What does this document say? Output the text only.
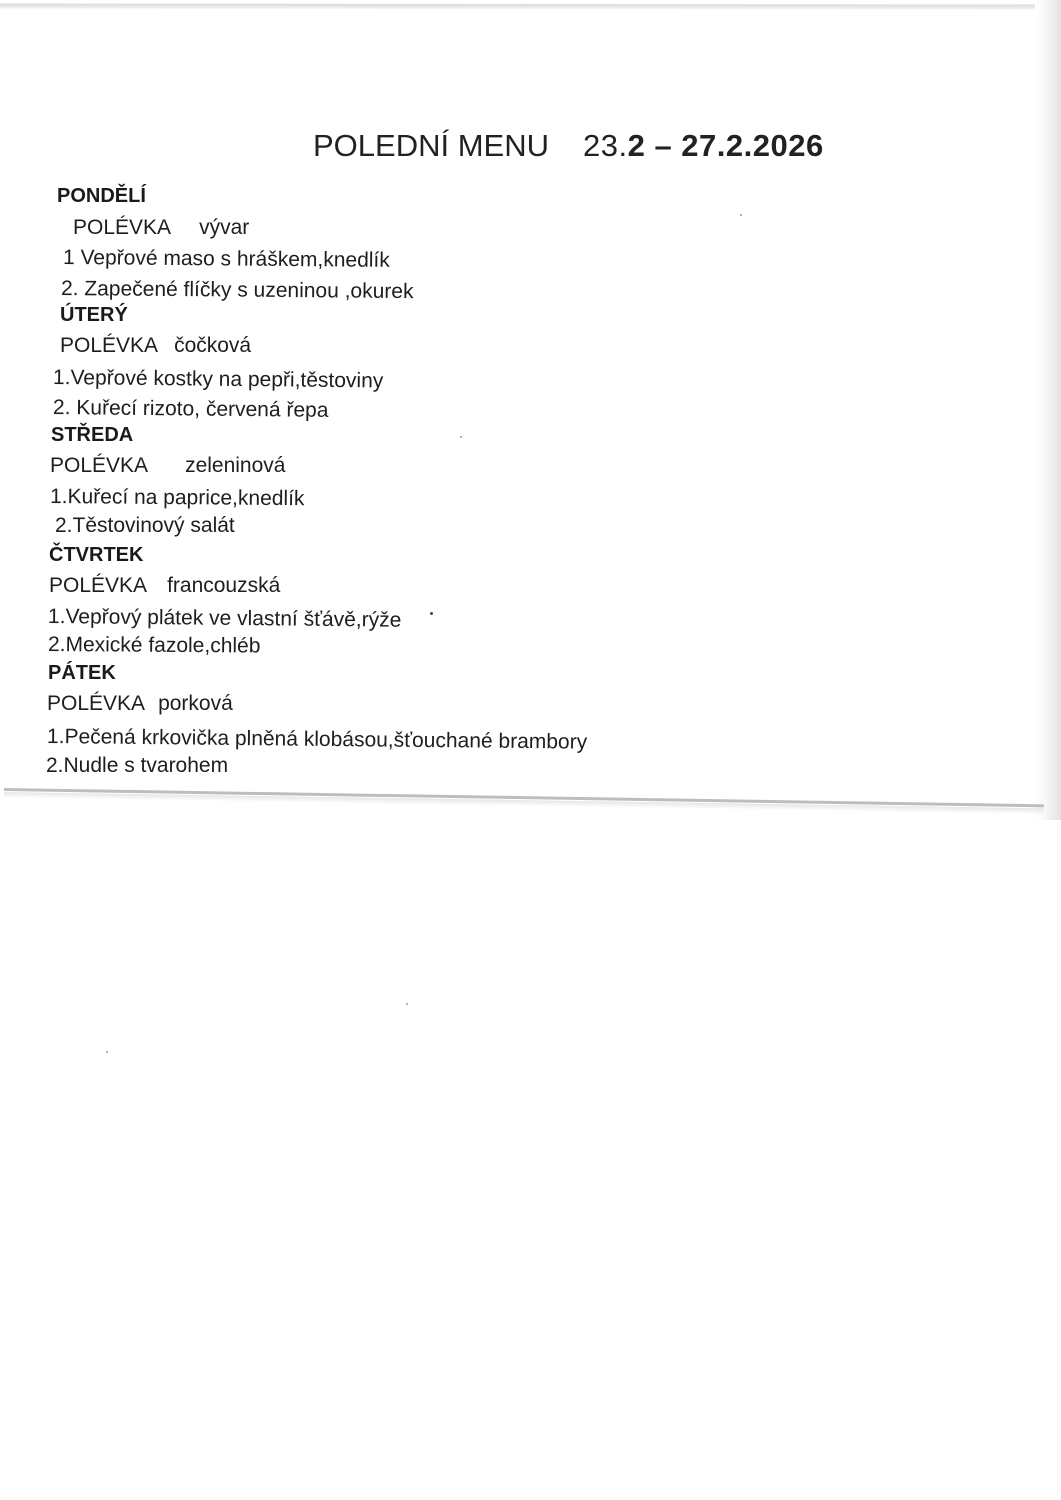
POLEDNÍ MENU 23.2 – 27.2.2026
PONDĚLÍ
POLÉVKA vývar
1 Vepřové maso s hráškem,knedlík
2. Zapečené flíčky s uzeninou ,okurek
ÚTERÝ
POLÉVKA čočková
1.Vepřové kostky na pepři,těstoviny
2. Kuřecí rizoto, červená řepa
STŘEDA
POLÉVKA zeleninová
1.Kuřecí na paprice,knedlík
2.Těstovinový salát
ČTVRTEK
POLÉVKA francouzská
1.Vepřový plátek ve vlastní šťávě,rýže
2.Mexické fazole,chléb
PÁTEK
POLÉVKA porková
1.Pečená krkovička plněná klobásou,šťouchané brambory
2.Nudle s tvarohem
